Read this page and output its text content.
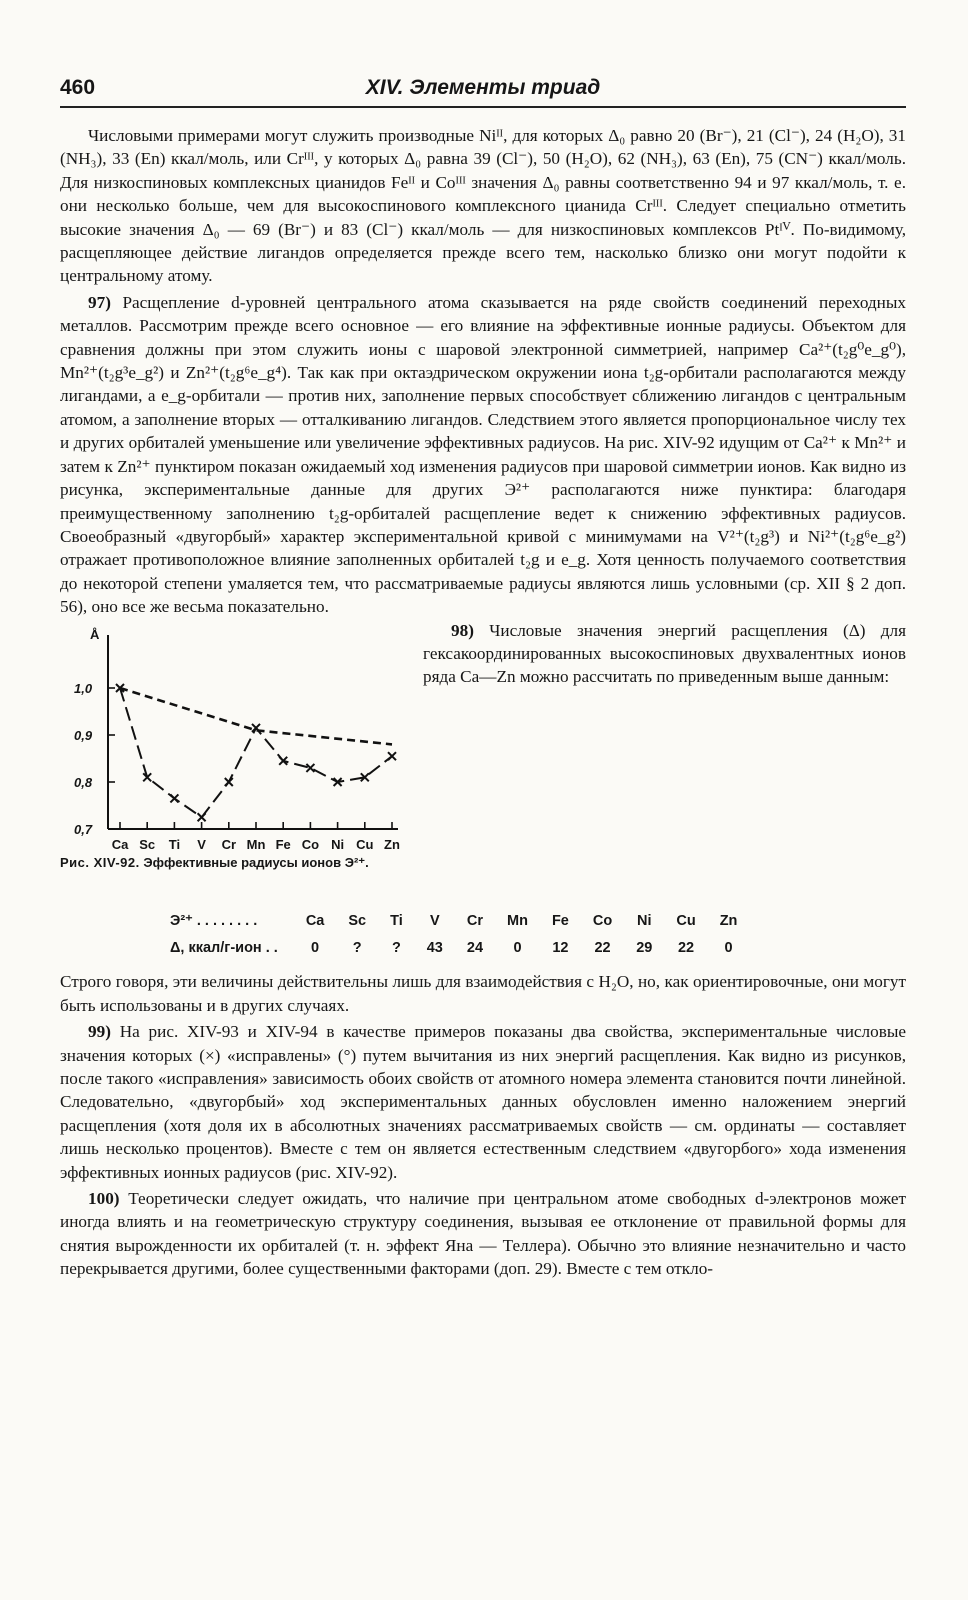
460	XIV. Элементы триад

Числовыми примерами могут служить производные Niᴵᴵ, для которых Δ₀ равно 20 (Br⁻), 21 (Cl⁻), 24 (H₂O), 31 (NH₃), 33 (En) ккал/моль, или Crᴵᴵᴵ, у которых Δ₀ равна 39 (Cl⁻), 50 (H₂O), 62 (NH₃), 63 (En), 75 (CN⁻) ккал/моль. Для низкоспиновых комплексных цианидов Feᴵᴵ и Coᴵᴵᴵ значения Δ₀ равны соответственно 94 и 97 ккал/моль, т. е. они несколько больше, чем для высокоспинового комплексного цианида Crᴵᴵᴵ. Следует специально отметить высокие значения Δ₀ — 69 (Br⁻) и 83 (Cl⁻) ккал/моль — для низкоспиновых комплексов Ptᴵⱽ. По-видимому, расщепляющее действие лигандов определяется прежде всего тем, насколько близко они могут подойти к центральному атому.

97) Расщепление d-уровней центрального атома сказывается на ряде свойств соединений переходных металлов. Рассмотрим прежде всего основное — его влияние на эффективные ионные радиусы. Объектом для сравнения должны при этом служить ионы с шаровой электронной симметрией, например Ca²⁺(t₂g⁰e_g⁰), Mn²⁺(t₂g³e_g²) и Zn²⁺(t₂g⁶e_g⁴). Так как при октаэдрическом окружении иона t₂g-орбитали располагаются между лигандами, а e_g-орбитали — против них, заполнение первых способствует сближению лигандов с центральным атомом, а заполнение вторых — отталкиванию лигандов. Следствием этого является пропорциональное числу тех и других орбиталей уменьшение или увеличение эффективных радиусов. На рис. XIV-92 идущим от Ca²⁺ к Mn²⁺ и затем к Zn²⁺ пунктиром показан ожидаемый ход изменения радиусов при шаровой симметрии ионов. Как видно из рисунка, экспериментальные данные для других Э²⁺ располагаются ниже пунктира: благодаря преимущественному заполнению t₂g-орбиталей расщепление ведет к снижению эффективных радиусов. Своеобразный «двугорбый» характер экспериментальной кривой с минимумами на V²⁺(t₂g³) и Ni²⁺(t₂g⁶e_g²) отражает противоположное влияние заполненных орбиталей t₂g и e_g. Хотя ценность получаемого соответствия до некоторой степени умаляется тем, что рассматриваемые радиусы являются лишь условными (ср. XII § 2 доп. 56), оно все же весьма показательно.

Å
0,7
0,8
0,9
1,0
Ca Sc Ti V Cr Mn Fe Co Ni Cu Zn
Рис. XIV-92. Эффективные радиусы ионов Э²⁺.

98) Числовые значения энергий расщепления (Δ) для гексакоординированных высокоспиновых двухвалентных ионов ряда Ca—Zn можно рассчитать по приведенным выше данным:

Э²⁺ . . . . . . . .	Ca	Sc	Ti	V	Cr	Mn	Fe	Co	Ni	Cu	Zn
Δ, ккал/г-ион . .	0	?	?	43	24	0	12	22	29	22	0

Строго говоря, эти величины действительны лишь для взаимодействия с H₂O, но, как ориентировочные, они могут быть использованы и в других случаях.

99) На рис. XIV-93 и XIV-94 в качестве примеров показаны два свойства, экспериментальные числовые значения которых (×) «исправлены» (°) путем вычитания из них энергий расщепления. Как видно из рисунков, после такого «исправления» зависимость обоих свойств от атомного номера элемента становится почти линейной. Следовательно, «двугорбый» ход экспериментальных данных обусловлен именно наложением энергий расщепления (хотя доля их в абсолютных значениях рассматриваемых свойств — см. ординаты — составляет лишь несколько процентов). Вместе с тем он является естественным следствием «двугорбого» хода изменения эффективных ионных радиусов (рис. XIV-92).

100) Теоретически следует ожидать, что наличие при центральном атоме свободных d-электронов может иногда влиять и на геометрическую структуру соединения, вызывая ее отклонение от правильной формы для снятия вырожденности их орбиталей (т. н. эффект Яна — Теллера). Обычно это влияние незначительно и часто перекрывается другими, более существенными факторами (доп. 29). Вместе с тем откло-
